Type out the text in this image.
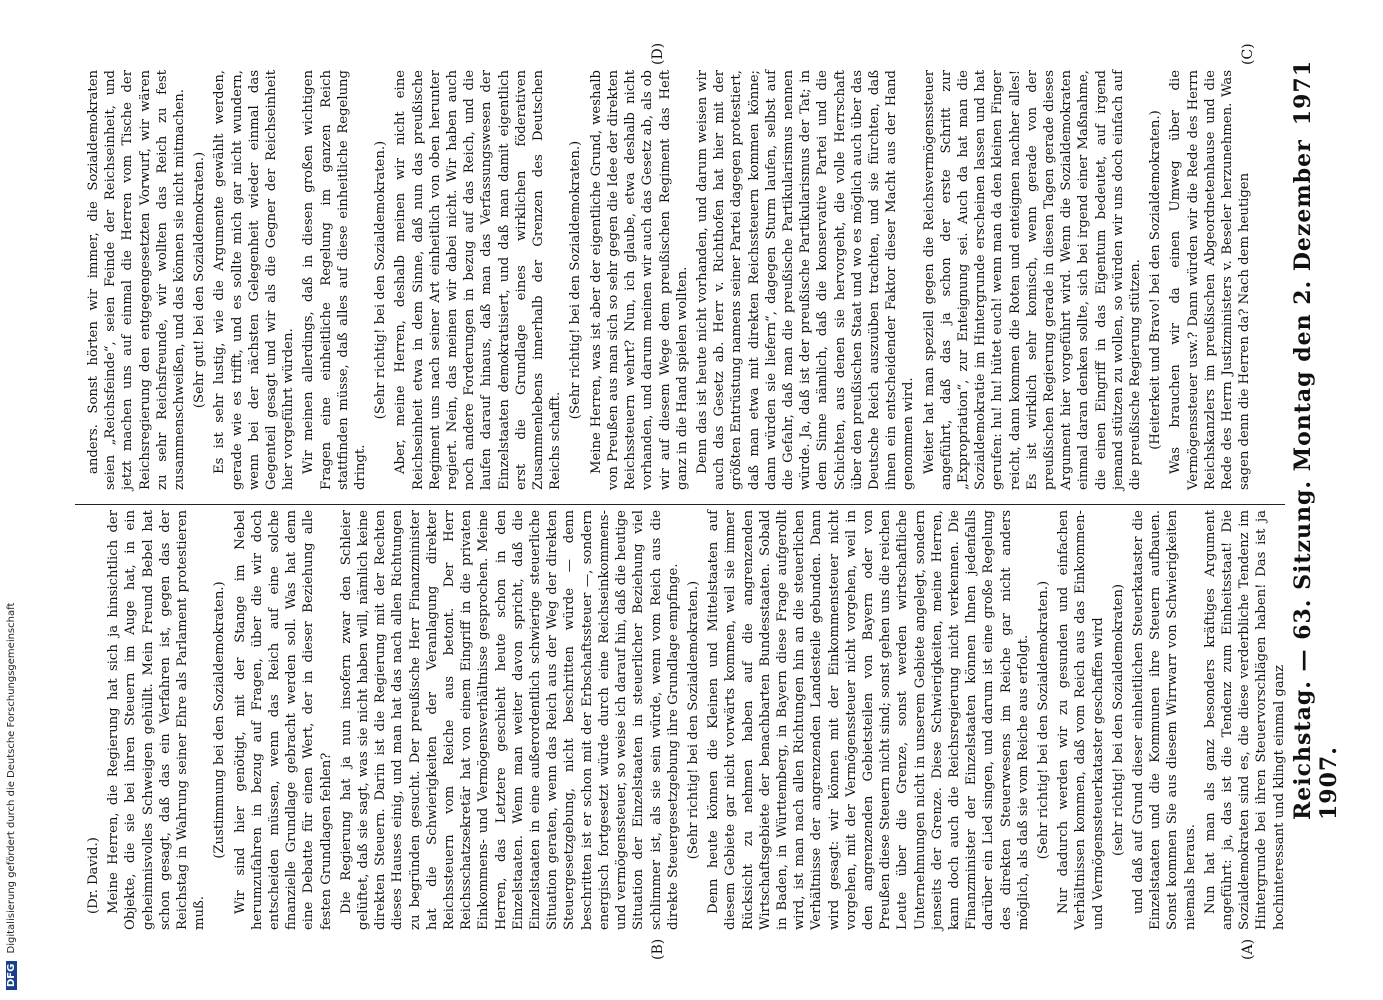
Reichstag. — 63. Sitzung. Montag den 2. Dezember 1907.
1971
(A)
(B)
(C)
(D)

(Dr. David.) Meine Herren, die Regierung hat sich ja hinsichtlich der Objekte, die sie bei ihren Steuern im Auge hat, in ein geheimnisvolles Schweigen gehüllt. Mein Freund Bebel hat schon gesagt, daß das ein Verfahren ist, gegen das der Reichstag in Wahrung seiner Ehre als Parlament protestieren muß.

(Zustimmung bei den Sozialdemokraten.) Wir sind hier genötigt, mit der Stange im Nebel herumzufahren in bezug auf Fragen, über die wir doch entscheiden müssen, wenn das Reich auf eine solche finanzielle Grundlage gebracht werden soll. Was hat denn eine Debatte für einen Wert, der in dieser Beziehung alle festen Grundlagen fehlen? Die Regierung hat ja nun insofern zwar den Schleier gelüftet, daß sie sagt, was sie nicht haben will, nämlich keine direkten Steuern. Darin ist die Regierung mit der Rechten dieses Hauses einig, und man hat das nach allen Richtungen zu begründen gesucht. Der preußische Herr Finanzminister hat die Schwierigkeiten der Veranlagung direkter Reichssteuern vom Reiche aus betont. Der Herr Reichsschatzsekretär hat von einem Eingriff in die privaten Einkommens- und Vermögensverhältnisse gesprochen. Meine Herren, das Letztere geschieht heute schon in den Einzelstaaten. Wenn man weiter davon spricht, daß die Einzelstaaten in eine außerordentlich schwierige steuerliche Situation geraten, wenn das Reich aus der Weg der direkten Steuergesetzgebung, nicht beschritten würde — denn beschritten ist er schon mit der Erbschaftssteuer —, sondern energisch fortgesetzt würde durch eine Reichseinkommens- und vermögenssteuer, so weise ich darauf hin, daß die heutige Situation der Einzelstaaten in steuerlicher Beziehung viel schlimmer ist, als sie sein würde, wenn vom Reich aus die direkte Steuergesetzgebung ihre Grundlage empfinge. (Sehr richtig! bei den Sozialdemokraten.) Denn heute können die Kleinen und Mittelstaaten auf diesem Gebiete gar nicht vorwärts kommen, weil sie immer Rücksicht zu nehmen haben auf die angrenzenden Wirtschaftsgebiete der benachbarten Bundesstaaten. Sobald in Baden, in Württemberg, in Bayern diese Frage aufgerollt wird, ist man nach allen Richtungen hin an die steuerlichen Verhältnisse der angrenzenden Landesteile gebunden. Dann wird gesagt: wir können mit der Einkommensteuer nicht vorgehen, mit der Vermögenssteuer nicht vorgehen, weil in den angrenzenden Gebietsteilen von Bayern oder von Preußen diese Steuern nicht sind; sonst gehen uns die reichen Leute über die Grenze, sonst werden wirtschaftliche Unternehmungen nicht in unserem Gebiete angelegt, sondern jenseits der Grenze. Diese Schwierigkeiten, meine Herren, kann doch auch die Reichsregierung nicht verkennen. Die Finanzminister der Einzelstaaten können Ihnen jedenfalls darüber ein Lied singen, und darum ist eine große Regelung des direkten Steuerwesens im Reiche gar nicht anders möglich, als daß sie vom Reiche aus erfolgt. (Sehr richtig! bei den Sozialdemokraten.) Nur dadurch werden wir zu gesunden und einfachen Verhältnissen kommen, daß vom Reich aus das Einkommen- und Vermögenssteuerkataster geschaffen wird (sehr richtig! bei den Sozialdemokraten) und daß auf Grund dieser einheitlichen Steuerkataster die Einzelstaaten und die Kommunen ihre Steuern aufbauen. Sonst kommen Sie aus diesem Wirrwarr von Schwierigkeiten niemals heraus. Nun hat man als ganz besonders kräftiges Argument angeführt: ja, das ist die Tendenz zum Einheitsstaat! Die Sozialdemokraten sind es, die diese verderbliche Tendenz im Hintergrunde bei ihren Steuervorschlägen haben! Das ist ja hochinteressant und klingt einmal ganz

anders. Sonst hörten wir immer, die Sozialdemokraten seien „Reichsfeinde“, seien Feinde der Reichseinheit, und jetzt machen uns auf einmal die Herren vom Tische der Reichsregierung den entgegengesetzten Vorwurf, wir wären zu sehr Reichsfreunde, wir wollten das Reich zu fest zusammenschweißen, und das können sie nicht mitmachen. (Sehr gut! bei den Sozialdemokraten.) Es ist sehr lustig, wie die Argumente gewählt werden, gerade wie es trifft, und es sollte mich gar nicht wundern, wenn bei der nächsten Gelegenheit wieder einmal das Gegenteil gesagt und wir als die Gegner der Reichseinheit hier vorgeführt würden. Wir meinen allerdings, daß in diesen großen wichtigen Fragen eine einheitliche Regelung im ganzen Reich stattfinden müsse, daß alles auf diese einheitliche Regelung dringt.

(Sehr richtig! bei den Sozialdemokraten.) Aber, meine Herren, deshalb meinen wir nicht eine Reichseinheit etwa in dem Sinne, daß nun das preußische Regiment uns nach seiner Art einheitlich von oben herunter regiert. Nein, das meinen wir dabei nicht. Wir haben auch noch andere Forderungen in bezug auf das Reich, und die laufen darauf hinaus, daß man das Verfassungswesen der Einzelstaaten demokratisiert, und daß man damit eigentlich erst die Grundlage eines wirklichen föderativen Zusammenlebens innerhalb der Grenzen des Deutschen Reichs schafft.

(Sehr richtig! bei den Sozialdemokraten.) Meine Herren, was ist aber der eigentliche Grund, weshalb von Preußen aus man sich so sehr gegen die Idee der direkten Reichssteuern wehrt? Nun, ich glaube, etwa deshalb nicht vorhanden, und darum meinen wir auch das Gesetz ab, als ob wir auf diesem Wege dem preußischen Regiment das Heft ganz in die Hand spielen wollten. Denn das ist heute nicht vorhanden, und darum weisen wir auch das Gesetz ab. Herr v. Richthofen hat hier mit der größten Entrüstung namens seiner Partei dagegen protestiert, daß man etwa mit direkten Reichssteuern kommen könne; dann würden sie liefern“, dagegen Sturm laufen, selbst auf die Gefahr, daß man die preußische Partikularismus nennen würde. Ja, daß ist der preußische Partikularismus der Tat; in dem Sinne nämlich, daß die konservative Partei und die Schichten, aus denen sie hervorgeht, die volle Herrschaft über den preußischen Staat und wo es möglich auch über das Deutsche Reich auszuüben trachten, und sie fürchten, daß ihnen ein entscheidender Faktor dieser Macht aus der Hand genommen wird. Weiter hat man speziell gegen die Reichsvermögenssteuer angeführt, daß das ja schon der erste Schritt zur „Expropriation“, zur Enteignung sei. Auch da hat man die Sozialdemokratie im Hintergrunde erscheinen lassen und hat gerufen: hu! hu! hütet euch! wenn man da den kleinen Finger reicht, dann kommen die Roten und enteignen nachher alles! Es ist wirklich sehr komisch, wenn gerade von der preußischen Regierung gerade in diesen Tagen gerade dieses Argument hier vorgeführt wird. Wenn die Sozialdemokraten einmal daran denken sollte, sich bei irgend einer Maßnahme, die einen Eingriff in das Eigentum bedeutet, auf irgend jemand stützen zu wollen, so würden wir uns doch einfach auf die preußische Regierung stützen. (Heiterkeit und Bravo! bei den Sozialdemokraten.) Was brauchen wir da einen Umweg über die Vermögenssteuer usw.? Dann würden wir die Rede des Herrn Reichskanzlers im preußischen Abgeordnetenhause und die Rede des Herrn Justizministers v. Beseler herzunehmen. Was sagen denn die Herren da? Nach dem heutigen

DFG Digitalisierung gefördert durch die Deutsche Forschungsgemeinschaft
